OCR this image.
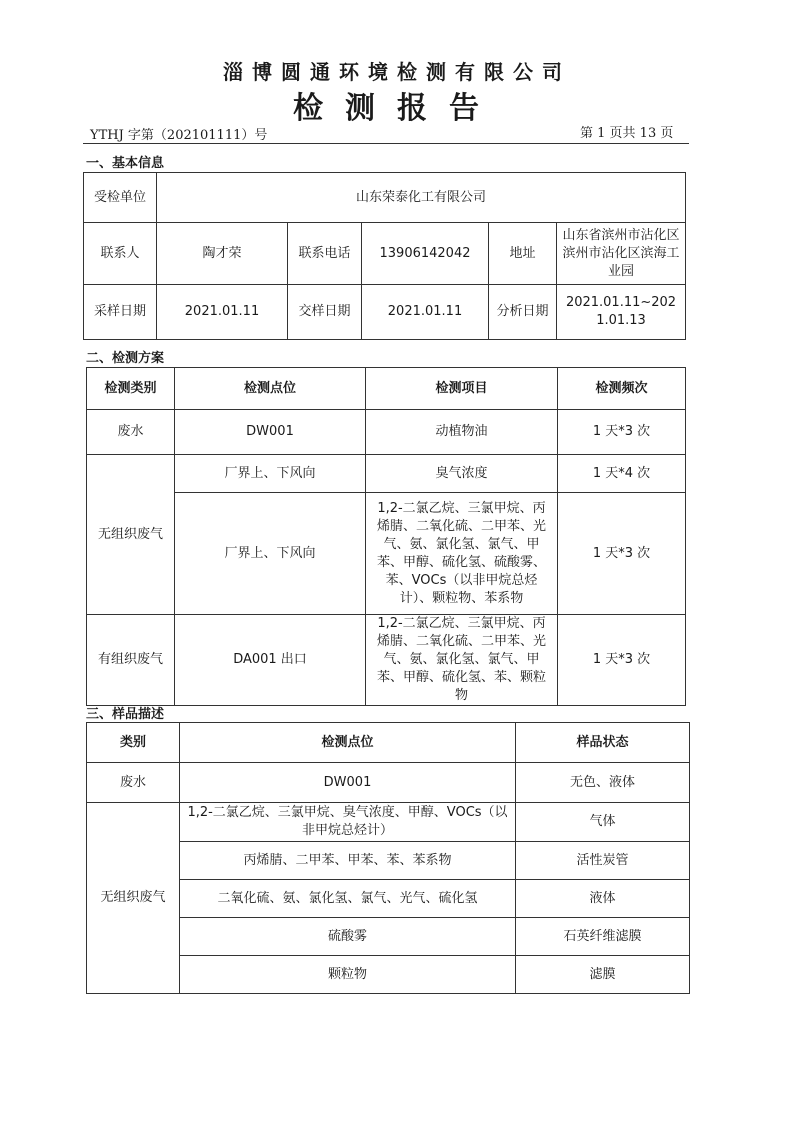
淄博圆通环境检测有限公司
检测报告
YTHJ 字第（202101111）号	第 1 页共 13 页
一、基本信息
受检单位	山东荣泰化工有限公司				
联系人	陶才荣	联系电话	13906142042	地址	山东省滨州市沾化区滨州市沾化区滨海工业园

采样日期	2021.01.11	交样日期	2021.01.11	分析日期	2021.01.11~2021.01.13
二、检测方案
检测类别	检测点位	检测项目	检测频次
废水	DW001	动植物油	1 天*3 次
无组织废气	厂界上、下风向	臭气浓度	1 天*4 次
	厂界上、下风向	1,2-二氯乙烷、三氯甲烷、丙烯腈、二氧化硫、二甲苯、光气、氨、氯化氢、氯气、甲苯、甲醇、硫化氢、硫酸雾、苯、VOCs（以非甲烷总烃计）、颗粒物、苯系物	1 天*3 次
有组织废气	DA001 出口	1,2-二氯乙烷、三氯甲烷、丙烯腈、二氧化硫、二甲苯、光气、氨、氯化氢、氯气、甲苯、甲醇、硫化氢、苯、颗粒物	1 天*3 次
三、样品描述
类别	检测点位	样品状态
废水	DW001	无色、液体
无组织废气	1,2-二氯乙烷、三氯甲烷、臭气浓度、甲醇、VOCs（以非甲烷总烃计）	气体
	丙烯腈、二甲苯、甲苯、苯、苯系物	活性炭管
	二氧化硫、氨、氯化氢、氯气、光气、硫化氢	液体
	硫酸雾	石英纤维滤膜
	颗粒物	滤膜
